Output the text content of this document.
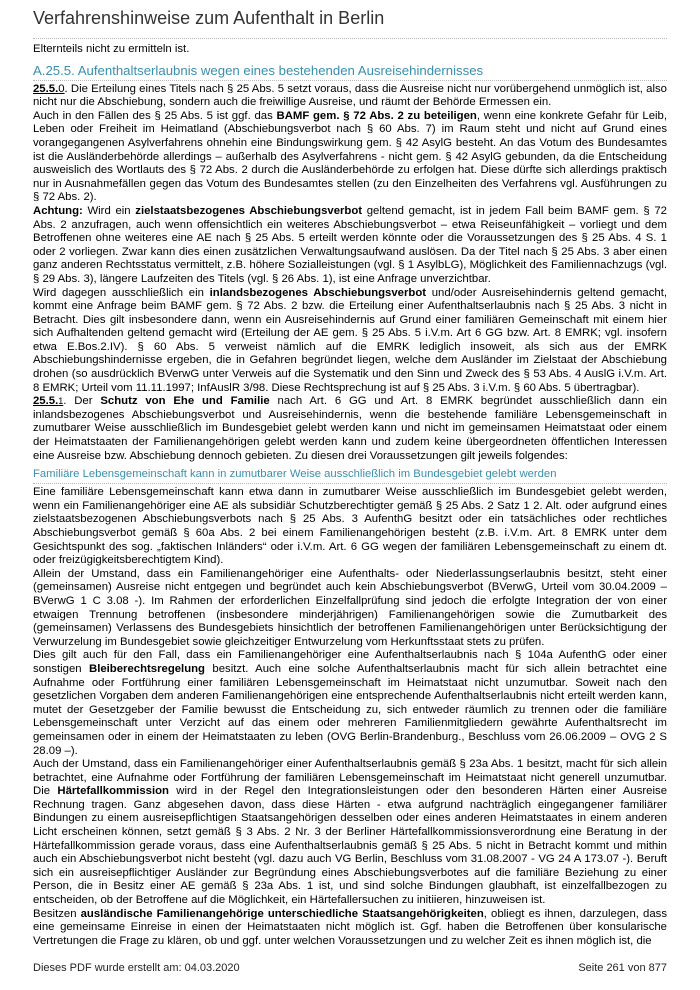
Verfahrenshinweise zum Aufenthalt in Berlin

Elternteils nicht zu ermitteln ist.

A.25.5. Aufenthaltserlaubnis wegen eines bestehenden Ausreisehindernisses

25.5.0. Die Erteilung eines Titels nach § 25 Abs. 5 setzt voraus, dass die Ausreise nicht nur vorübergehend unmöglich ist, also nicht nur die Abschiebung, sondern auch die freiwillige Ausreise, und räumt der Behörde Ermessen ein.

Auch in den Fällen des § 25 Abs. 5 ist ggf. das BAMF gem. § 72 Abs. 2 zu beteiligen, wenn eine konkrete Gefahr für Leib, Leben oder Freiheit im Heimatland (Abschiebungsverbot nach § 60 Abs. 7) im Raum steht und nicht auf Grund eines vorangegangenen Asylverfahrens ohnehin eine Bindungswirkung gem. § 42 AsylG besteht. An das Votum des Bundesamtes ist die Ausländerbehörde allerdings – außerhalb des Asylverfahrens - nicht gem. § 42 AsylG gebunden, da die Entscheidung ausweislich des Wortlauts des § 72 Abs. 2 durch die Ausländerbehörde zu erfolgen hat. Diese dürfte sich allerdings praktisch nur in Ausnahmefällen gegen das Votum des Bundesamtes stellen (zu den Einzelheiten des Verfahrens vgl. Ausführungen zu § 72 Abs. 2).

Achtung: Wird ein zielstaatsbezogenes Abschiebungsverbot geltend gemacht, ist in jedem Fall beim BAMF gem. § 72 Abs. 2 anzufragen, auch wenn offensichtlich ein weiteres Abschiebungsverbot – etwa Reiseunfähigkeit – vorliegt und dem Betroffenen ohne weiteres eine AE nach § 25 Abs. 5 erteilt werden könnte oder die Voraussetzungen des § 25 Abs. 4 S. 1 oder 2 vorliegen. Zwar kann dies einen zusätzlichen Verwaltungsaufwand auslösen. Da der Titel nach § 25 Abs. 3 aber einen ganz anderen Rechtsstatus vermittelt, z.B. höhere Sozialleistungen (vgl. § 1 AsylbLG), Möglichkeit des Familiennachzugs (vgl. § 29 Abs. 3), längere Laufzeiten des Titels (vgl. § 26 Abs. 1), ist eine Anfrage unverzichtbar.

Wird dagegen ausschließlich ein inlandsbezogenes Abschiebungsverbot und/oder Ausreisehindernis geltend gemacht, kommt eine Anfrage beim BAMF gem. § 72 Abs. 2 bzw. die Erteilung einer Aufenthaltserlaubnis nach § 25 Abs. 3 nicht in Betracht. Dies gilt insbesondere dann, wenn ein Ausreisehindernis auf Grund einer familiären Gemeinschaft mit einem hier sich Aufhaltenden geltend gemacht wird (Erteilung der AE gem. § 25 Abs. 5 i.V.m. Art 6 GG bzw. Art. 8 EMRK; vgl. insofern etwa E.Bos.2.IV). § 60 Abs. 5 verweist nämlich auf die EMRK lediglich insoweit, als sich aus der EMRK Abschiebungshindernisse ergeben, die in Gefahren begründet liegen, welche dem Ausländer im Zielstaat der Abschiebung drohen (so ausdrücklich BVerwG unter Verweis auf die Systematik und den Sinn und Zweck des § 53 Abs. 4 AuslG i.V.m. Art. 8 EMRK; Urteil vom 11.11.1997; InfAuslR 3/98. Diese Rechtsprechung ist auf § 25 Abs. 3 i.V.m. § 60 Abs. 5 übertragbar).

25.5.1. Der Schutz von Ehe und Familie nach Art. 6 GG und Art. 8 EMRK begründet ausschließlich dann ein inlandsbezogenes Abschiebungsverbot und Ausreisehindernis, wenn die bestehende familiäre Lebensgemeinschaft in zumutbarer Weise ausschließlich im Bundesgebiet gelebt werden kann und nicht im gemeinsamen Heimatstaat oder einem der Heimatstaaten der Familienangehörigen gelebt werden kann und zudem keine übergeordneten öffentlichen Interessen eine Ausreise bzw. Abschiebung dennoch gebieten. Zu diesen drei Voraussetzungen gilt jeweils folgendes:

Familiäre Lebensgemeinschaft kann in zumutbarer Weise ausschließlich im Bundesgebiet gelebt werden

Eine familiäre Lebensgemeinschaft kann etwa dann in zumutbarer Weise ausschließlich im Bundesgebiet gelebt werden, wenn ein Familienangehöriger eine AE als subsidiär Schutzberechtigter gemäß § 25 Abs. 2 Satz 1 2. Alt. oder aufgrund eines zielstaatsbezogenen Abschiebungsverbots nach § 25 Abs. 3 AufenthG besitzt oder ein tatsächliches oder rechtliches Abschiebungsverbot gemäß § 60a Abs. 2 bei einem Familienangehörigen besteht (z.B. i.V.m. Art. 8 EMRK unter dem Gesichtspunkt des sog. „faktischen Inländers“ oder i.V.m. Art. 6 GG wegen der familiären Lebensgemeinschaft zu einem dt. oder freizügigkeitsberechtigtem Kind).

Allein der Umstand, dass ein Familienangehöriger eine Aufenthalts- oder Niederlassungserlaubnis besitzt, steht einer (gemeinsamen) Ausreise nicht entgegen und begründet auch kein Abschiebungsverbot (BVerwG, Urteil vom 30.04.2009 – BVerwG 1 C 3.08 -). Im Rahmen der erforderlichen Einzelfallprüfung sind jedoch die erfolgte Integration der von einer etwaigen Trennung betroffenen (insbesondere minderjährigen) Familienangehörigen sowie die Zumutbarkeit des (gemeinsamen) Verlassens des Bundesgebiets hinsichtlich der betroffenen Familienangehörigen unter Berücksichtigung der Verwurzelung im Bundesgebiet sowie gleichzeitiger Entwurzelung vom Herkunftsstaat stets zu prüfen.

Dies gilt auch für den Fall, dass ein Familienangehöriger eine Aufenthaltserlaubnis nach § 104a AufenthG oder einer sonstigen Bleiberechtsregelung besitzt. Auch eine solche Aufenthaltserlaubnis macht für sich allein betrachtet eine Aufnahme oder Fortführung einer familiären Lebensgemeinschaft im Heimatstaat nicht unzumutbar. Soweit nach den gesetzlichen Vorgaben dem anderen Familienangehörigen eine entsprechende Aufenthaltserlaubnis nicht erteilt werden kann, mutet der Gesetzgeber der Familie bewusst die Entscheidung zu, sich entweder räumlich zu trennen oder die familiäre Lebensgemeinschaft unter Verzicht auf das einem oder mehreren Familienmitgliedern gewährte Aufenthaltsrecht im gemeinsamen oder in einem der Heimatstaaten zu leben (OVG Berlin-Brandenburg., Beschluss vom 26.06.2009 – OVG 2 S 28.09 –).

Auch der Umstand, dass ein Familienangehöriger einer Aufenthaltserlaubnis gemäß § 23a Abs. 1 besitzt, macht für sich allein betrachtet, eine Aufnahme oder Fortführung der familiären Lebensgemeinschaft im Heimatstaat nicht generell unzumutbar. Die Härtefallkommission wird in der Regel den Integrationsleistungen oder den besonderen Härten einer Ausreise Rechnung tragen. Ganz abgesehen davon, dass diese Härten - etwa aufgrund nachträglich eingegangener familiärer Bindungen zu einem ausreisepflichtigen Staatsangehörigen desselben oder eines anderen Heimatstaates in einem anderen Licht erscheinen können, setzt gemäß § 3 Abs. 2 Nr. 3 der Berliner Härtefallkommissionsverordnung eine Beratung in der Härtefallkommission gerade voraus, dass eine Aufenthaltserlaubnis gemäß § 25 Abs. 5 nicht in Betracht kommt und mithin auch ein Abschiebungsverbot nicht besteht (vgl. dazu auch VG Berlin, Beschluss vom 31.08.2007 - VG 24 A 173.07 -). Beruft sich ein ausreisepflichtiger Ausländer zur Begründung eines Abschiebungsverbotes auf die familiäre Beziehung zu einer Person, die in Besitz einer AE gemäß § 23a Abs. 1 ist, und sind solche Bindungen glaubhaft, ist einzelfallbezogen zu entscheiden, ob der Betroffene auf die Möglichkeit, ein Härtefallersuchen zu initiieren, hinzuweisen ist.

Besitzen ausländische Familienangehörige unterschiedliche Staatsangehörigkeiten, obliegt es ihnen, darzulegen, dass eine gemeinsame Einreise in einen der Heimatstaaten nicht möglich ist. Ggf. haben die Betroffenen über konsularische Vertretungen die Frage zu klären, ob und ggf. unter welchen Voraussetzungen und zu welcher Zeit es ihnen möglich ist, die

Dieses PDF wurde erstellt am: 04.03.2020	Seite 261 von 877
